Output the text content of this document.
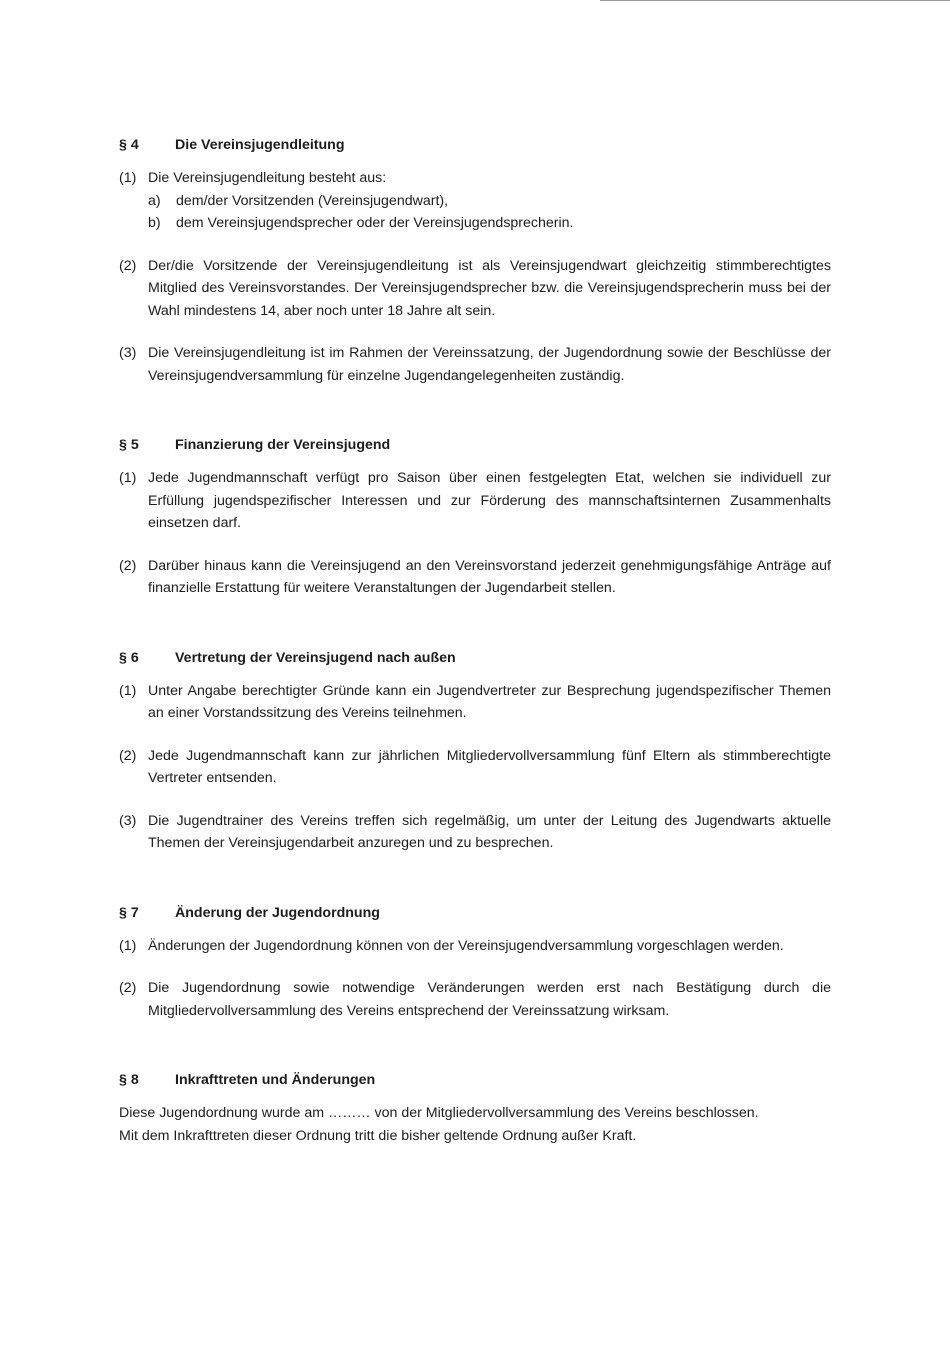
§ 4	Die Vereinsjugendleitung
(1) Die Vereinsjugendleitung besteht aus:

a) dem/der Vorsitzenden (Vereinsjugendwart),
b) dem Vereinsjugendsprecher oder der Vereinsjugendsprecherin.
(2) Der/die Vorsitzende der Vereinsjugendleitung ist als Vereinsjugendwart gleichzeitig stimmberechtigtes Mitglied des Vereinsvorstandes. Der Vereinsjugendsprecher bzw. die Vereinsjugendsprecherin muss bei der Wahl mindestens 14, aber noch unter 18 Jahre alt sein.

(3) Die Vereinsjugendleitung ist im Rahmen der Vereinssatzung, der Jugendordnung sowie der Beschlüsse der Vereinsjugendversammlung für einzelne Jugendangelegenheiten zuständig.

§ 5	Finanzierung der Vereinsjugend
(1) Jede Jugendmannschaft verfügt pro Saison über einen festgelegten Etat, welchen sie individuell zur Erfüllung jugendspezifischer Interessen und zur Förderung des mannschaftsinternen Zusammenhalts einsetzen darf.

(2) Darüber hinaus kann die Vereinsjugend an den Vereinsvorstand jederzeit genehmigungsfähige Anträge auf finanzielle Erstattung für weitere Veranstaltungen der Jugendarbeit stellen.

§ 6	Vertretung der Vereinsjugend nach außen
(1) Unter Angabe berechtigter Gründe kann ein Jugendvertreter zur Besprechung jugendspezifischer Themen an einer Vorstandssitzung des Vereins teilnehmen.

(2) Jede Jugendmannschaft kann zur jährlichen Mitgliedervollversammlung fünf Eltern als stimmberechtigte Vertreter entsenden.

(3) Die Jugendtrainer des Vereins treffen sich regelmäßig, um unter der Leitung des Jugendwarts aktuelle Themen der Vereinsjugendarbeit anzuregen und zu besprechen.

§ 7	Änderung der Jugendordnung
(1) Änderungen der Jugendordnung können von der Vereinsjugendversammlung vorgeschlagen werden.

(2) Die Jugendordnung sowie notwendige Veränderungen werden erst nach Bestätigung durch die Mitgliedervollversammlung des Vereins entsprechend der Vereinssatzung wirksam.

§ 8	Inkrafttreten und Änderungen

Diese Jugendordnung wurde am ……… von der Mitgliedervollversammlung des Vereins beschlossen.

Mit dem Inkrafttreten dieser Ordnung tritt die bisher geltende Ordnung außer Kraft.
